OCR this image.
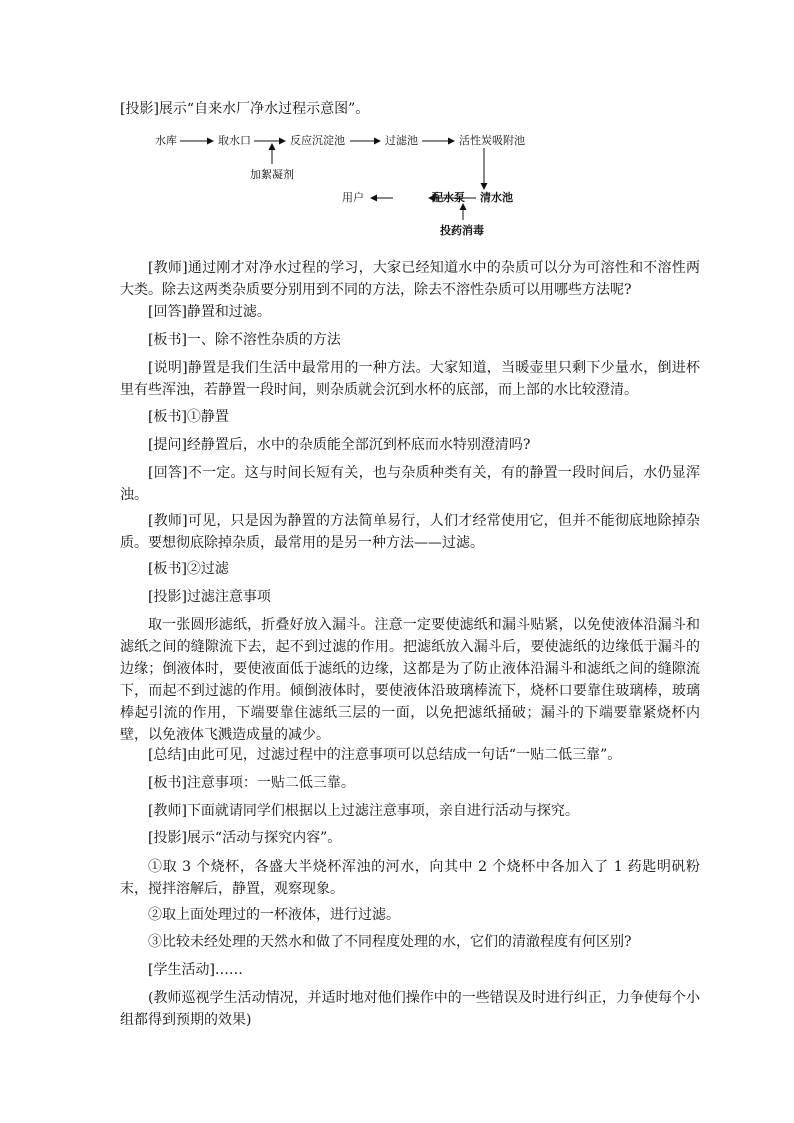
[投影]展示“自来水厂净水过程示意图”。

水库	取水口	反应沉淀池	过滤池	活性炭吸附池
加絮凝剂
清水池
配水泵
用户
投药消毒

[教师]通过刚才对净水过程的学习，大家已经知道水中的杂质可以分为可溶性和不溶性两大类。除去这两类杂质要分别用到不同的方法，除去不溶性杂质可以用哪些方法呢?

[回答]静置和过滤。

[板书]一、除不溶性杂质的方法

[说明]静置是我们生活中最常用的一种方法。大家知道，当暖壶里只剩下少量水，倒进杯里有些浑浊，若静置一段时间，则杂质就会沉到水杯的底部，而上部的水比较澄清。

[板书]①静置

[提问]经静置后，水中的杂质能全部沉到杯底而水特别澄清吗?

[回答]不一定。这与时间长短有关，也与杂质种类有关，有的静置一段时间后，水仍显浑浊。

[教师]可见，只是因为静置的方法简单易行，人们才经常使用它，但并不能彻底地除掉杂质。要想彻底除掉杂质，最常用的是另一种方法——过滤。

[板书]②过滤

[投影]过滤注意事项

取一张圆形滤纸，折叠好放入漏斗。注意一定要使滤纸和漏斗贴紧，以免使液体沿漏斗和滤纸之间的缝隙流下去，起不到过滤的作用。把滤纸放入漏斗后，要使滤纸的边缘低于漏斗的边缘；倒液体时，要使液面低于滤纸的边缘，这都是为了防止液体沿漏斗和滤纸之间的缝隙流下，而起不到过滤的作用。倾倒液体时，要使液体沿玻璃棒流下，烧杯口要靠住玻璃棒，玻璃棒起引流的作用，下端要靠住滤纸三层的一面，以免把滤纸捅破；漏斗的下端要靠紧烧杯内壁，以免液体飞溅造成量的减少。

[总结]由此可见，过滤过程中的注意事项可以总结成一句话“一贴二低三靠”。

[板书]注意事项：一贴二低三靠。

[教师]下面就请同学们根据以上过滤注意事项，亲自进行活动与探究。

[投影]展示“活动与探究内容”。

①取 3 个烧杯，各盛大半烧杯浑浊的河水，向其中 2 个烧杯中各加入了 1 药匙明矾粉末，搅拌溶解后，静置，观察现象。

②取上面处理过的一杯液体，进行过滤。

③比较未经处理的天然水和做了不同程度处理的水，它们的清澈程度有何区别?

[学生活动]……

(教师巡视学生活动情况，并适时地对他们操作中的一些错误及时进行纠正，力争使每个小组都得到预期的效果)
